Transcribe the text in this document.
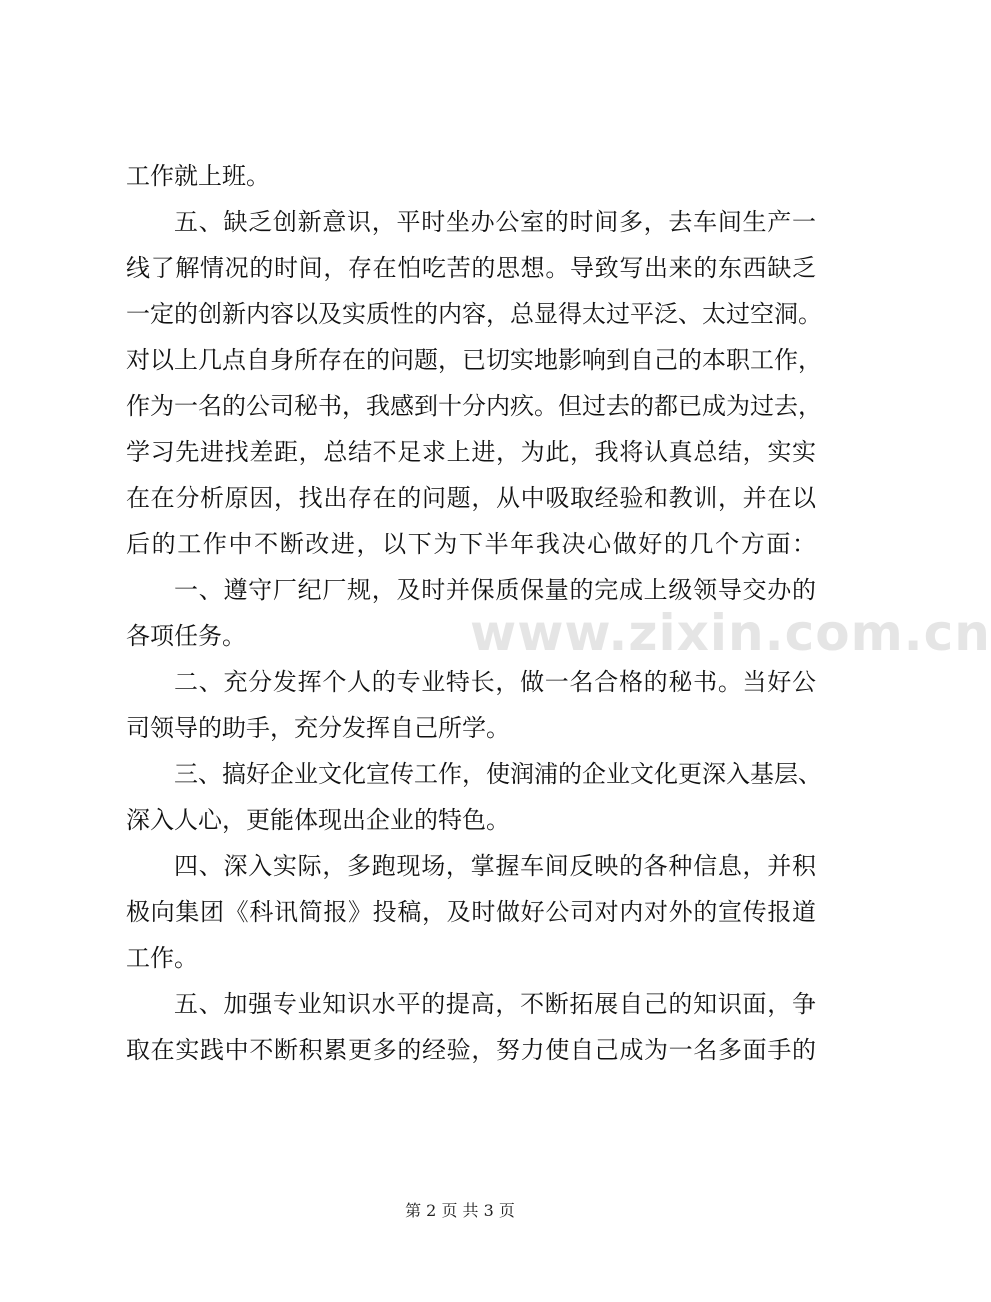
工作就上班。
五、缺乏创新意识，平时坐办公室的时间多，去车间生产一
线了解情况的时间，存在怕吃苦的思想。导致写出来的东西缺乏
一定的创新内容以及实质性的内容，总显得太过平泛、太过空洞。
对以上几点自身所存在的问题，已切实地影响到自己的本职工作，
作为一名的公司秘书，我感到十分内疚。但过去的都已成为过去，
学习先进找差距，总结不足求上进，为此，我将认真总结，实实
在在分析原因，找出存在的问题，从中吸取经验和教训，并在以
后的工作中不断改进，以下为下半年我决心做好的几个方面：
一、遵守厂纪厂规，及时并保质保量的完成上级领导交办的
各项任务。
二、充分发挥个人的专业特长，做一名合格的秘书。当好公
司领导的助手，充分发挥自己所学。
三、搞好企业文化宣传工作，使润浦的企业文化更深入基层、
深入人心，更能体现出企业的特色。
四、深入实际，多跑现场，掌握车间反映的各种信息，并积
极向集团《科讯简报》投稿，及时做好公司对内对外的宣传报道
工作。
五、加强专业知识水平的提高，不断拓展自己的知识面，争
取在实践中不断积累更多的经验，努力使自己成为一名多面手的
www.zixin.com.cn
第 2 页 共 3 页
